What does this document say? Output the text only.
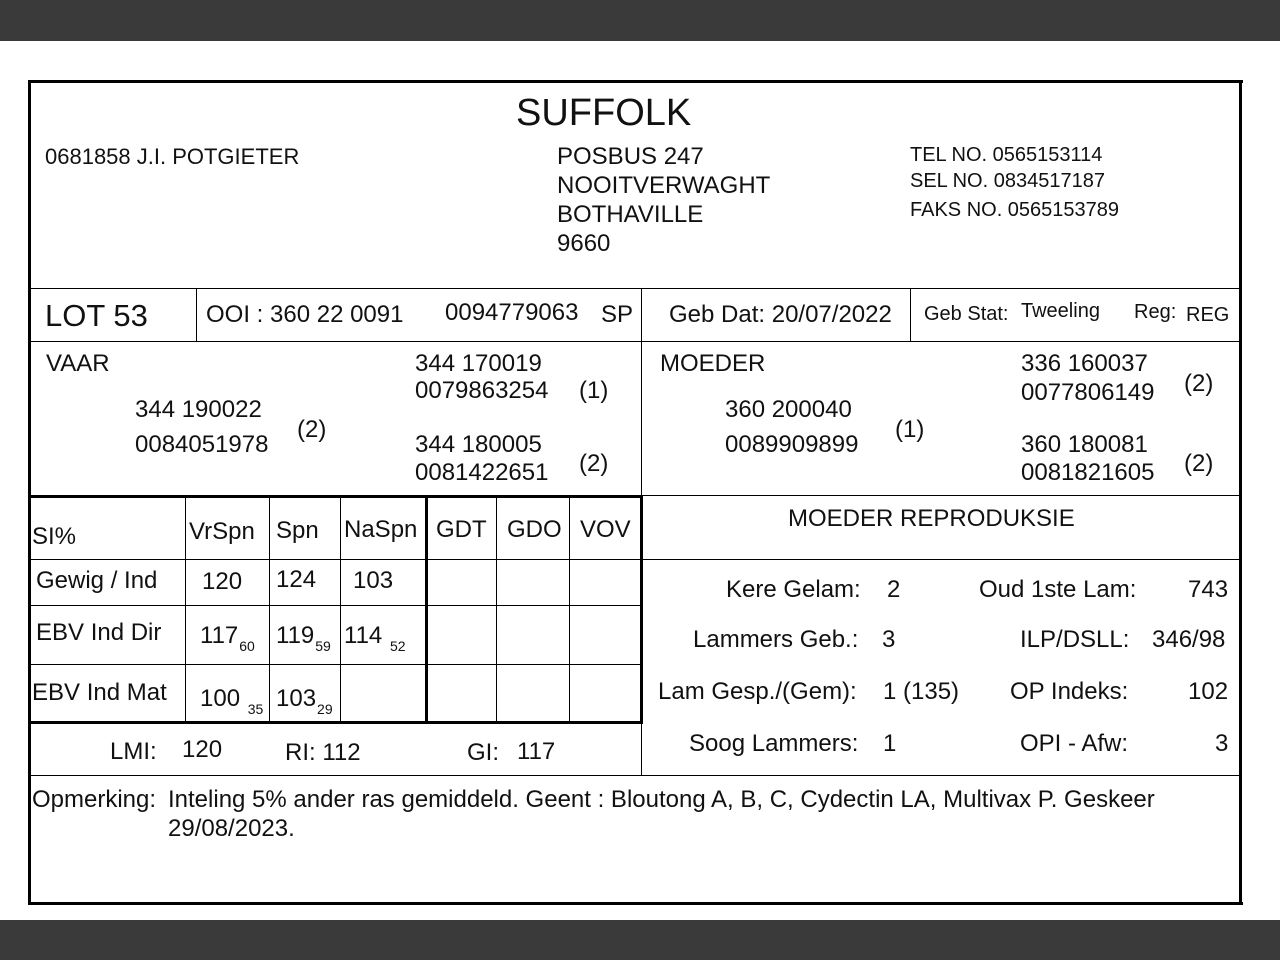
SUFFOLK
0681858 J.I. POTGIETER	POSBUS 247
NOOITVERWAGHT
BOTHAVILLE
9660
TEL NO. 0565153114
SEL NO. 0834517187
FAKS NO. 0565153789
LOT 53 OOI : 360 22 0091 0094779063 SP Geb Dat: 20/07/2022 Geb Stat: Tweeling Reg: REG
VAAR
344 190022
0084051978
(2)
344 170019
0079863254 (1)
344 180005
0081422651 (2)
MOEDER
360 200040
0089909899
(1)
336 160037
0077806149 (2)
360 180081
0081821605 (2)
SI%	VrSpn Spn NaSpn GDT GDO VOV
Gewig / Ind 120 124 103
EBV Ind Dir $117_{60}$ $119_{59}$ 114 $_{52}$
EBV Ind Mat 100 $_{35}$ $103_{29}$
LMI: 120	RI: 112	GI: 117
MOEDER REPRODUKSIE
Kere Gelam: 2	Oud 1ste Lam: 743
Lammers Geb.: 3	ILP/DSLL: 346/98
Lam Gesp./(Gem): 1 (135) OP Indeks: 102
Soog Lammers: 1	OPI - Afw:	3
Opmerking: Inteling 5% ander ras gemiddeld. Geent : Bloutong A, B, C, Cydectin LA, Multivax P. Geskeer
29/08/2023.
